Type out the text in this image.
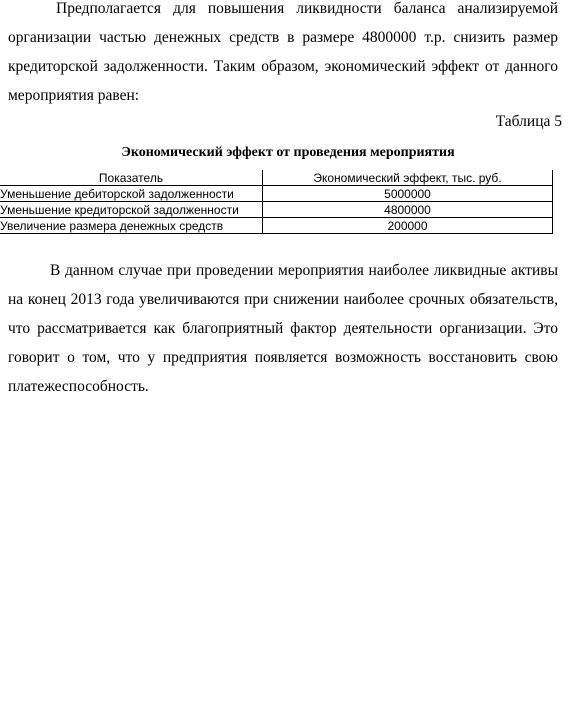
Предполагается для повышения ликвидности баланса анализируемой организации частью денежных средств в размере 4800000 т.р. снизить размер кредиторской задолженности. Таким образом, экономический эффект от данного мероприятия равен:

Таблица 5

Экономический эффект от проведения мероприятия

Показатель	Экономический эффект, тыс. руб.
Уменьшение дебиторской задолженности	5000000
Уменьшение кредиторской задолженности	4800000
Увеличение размера денежных средств	200000

В данном случае при проведении мероприятия наиболее ликвидные активы на конец 2013 года увеличиваются при снижении наиболее срочных обязательств, что рассматривается как благоприятный фактор деятельности организации. Это говорит о том, что у предприятия появляется возможность восстановить свою платежеспособность.
